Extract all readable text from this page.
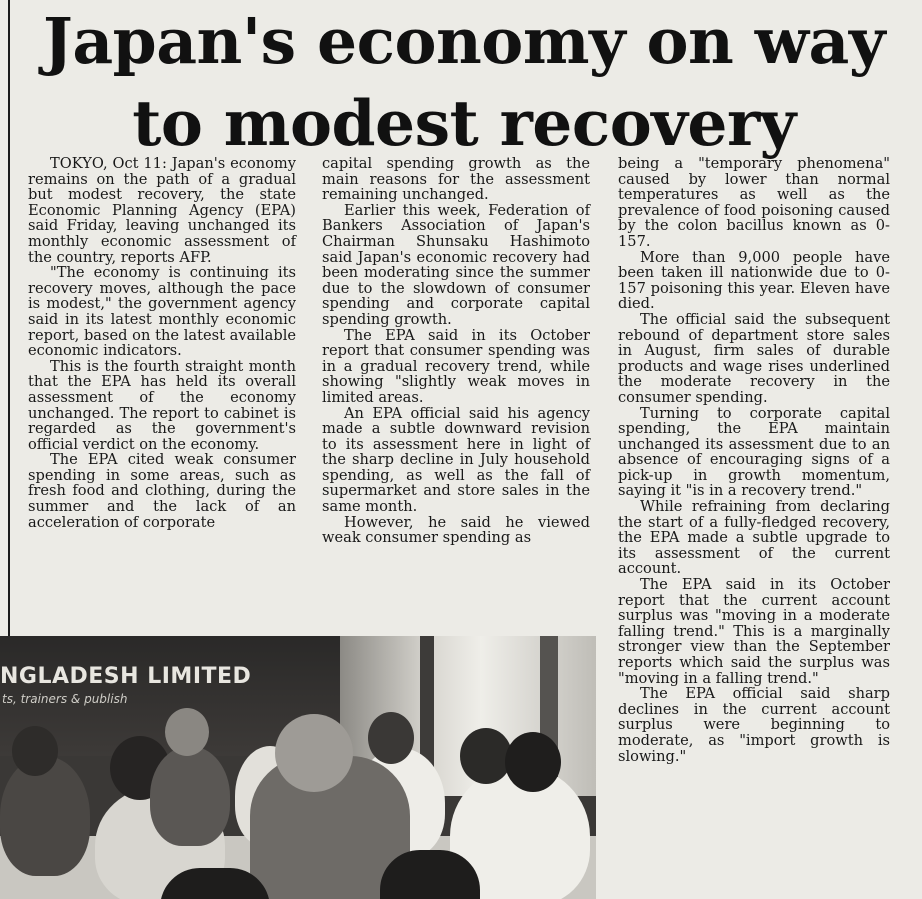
Japan's economy on way
to modest recovery

TOKYO, Oct 11: Japan's economy remains on the path of a gradual but modest recovery, the state Economic Planning Agency (EPA) said Friday, leaving unchanged its monthly economic assessment of the country, reports AFP.

"The economy is continuing its recovery moves, although the pace is modest," the government agency said in its latest monthly economic report, based on the latest available economic indicators.

This is the fourth straight month that the EPA has held its overall assessment of the economy unchanged. The report to cabinet is regarded as the government's official verdict on the economy.

The EPA cited weak consumer spending in some areas, such as fresh food and clothing, during the summer and the lack of an acceleration of corporate

capital spending growth as the main reasons for the assessment remaining unchanged.

Earlier this week, Federation of Bankers Association of Japan's Chairman Shunsaku Hashimoto said Japan's economic recovery had been moderating since the summer due to the slowdown of consumer spending and corporate capital spending growth.

The EPA said in its October report that consumer spending was in a gradual recovery trend, while showing "slightly weak moves in limited areas.

An EPA official said his agency made a subtle downward revision to its assessment here in light of the sharp decline in July household spending, as well as the fall of supermarket and store sales in the same month.

However, he said he viewed weak consumer spending as

being a "temporary phenomena" caused by lower than normal temperatures as well as the prevalence of food poisoning caused by the colon bacillus known as 0-157.

More than 9,000 people have been taken ill nationwide due to 0-157 poisoning this year. Eleven have died.

The official said the subsequent rebound of department store sales in August, firm sales of durable products and wage rises underlined the moderate recovery in the consumer spending.

Turning to corporate capital spending, the EPA maintain unchanged its assessment due to an absence of encouraging signs of a pick-up in growth momentum, saying it "is in a recovery trend."

While refraining from declaring the start of a fully-fledged recovery, the EPA made a subtle upgrade to its assessment of the current account.

The EPA said in its October report that the current account surplus was "moving in a moderate falling trend." This is a marginally stronger view than the September reports which said the surplus was "moving in a falling trend."

The EPA official said sharp declines in the current account surplus were beginning to moderate, as "import growth is slowing."

NGLADESH LIMITED
ts, trainers & publish
